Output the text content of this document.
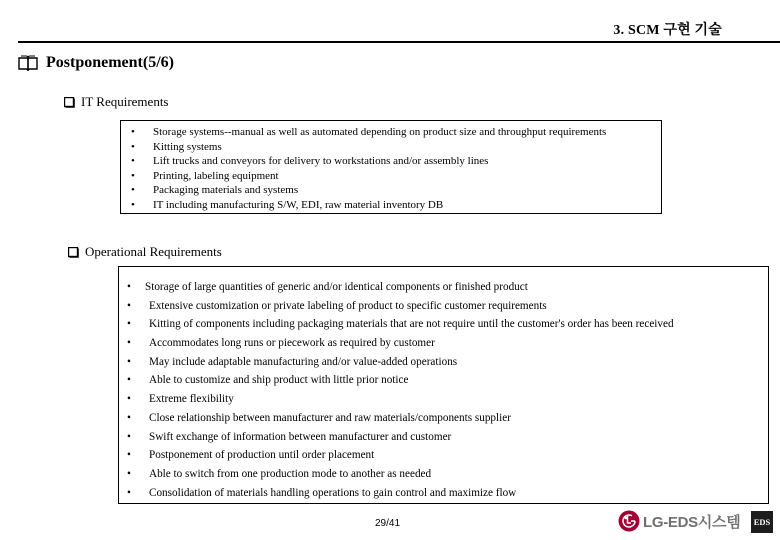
3. SCM 구현 기술
Postponement(5/6)
IT Requirements
•	Storage systems--manual as well as automated depending on product size and throughput requirements
•	Kitting systems
•	Lift trucks and conveyors for delivery to workstations and/or assembly lines
•	Printing, labeling equipment
•	Packaging materials and systems
•	IT including manufacturing S/W, EDI, raw material inventory DB
Operational Requirements
•	Storage of large quantities of generic and/or identical components or finished product
•	Extensive customization or private labeling of product to specific customer requirements
•	Kitting of components including packaging materials that are not require until the customer's order has been received
•	Accommodates long runs or piecework as required by customer
•	May include adaptable manufacturing and/or value-added operations
•	Able to customize and ship product with little prior notice
•	Extreme flexibility
•	Close relationship between manufacturer and raw materials/components supplier
•	Swift exchange of information between manufacturer and customer
•	Postponement of production until order placement
•	Able to switch from one production mode to another as needed
•	Consolidation of materials handling operations to gain control and maximize flow
29/41	LG-EDS시스템	EDS
